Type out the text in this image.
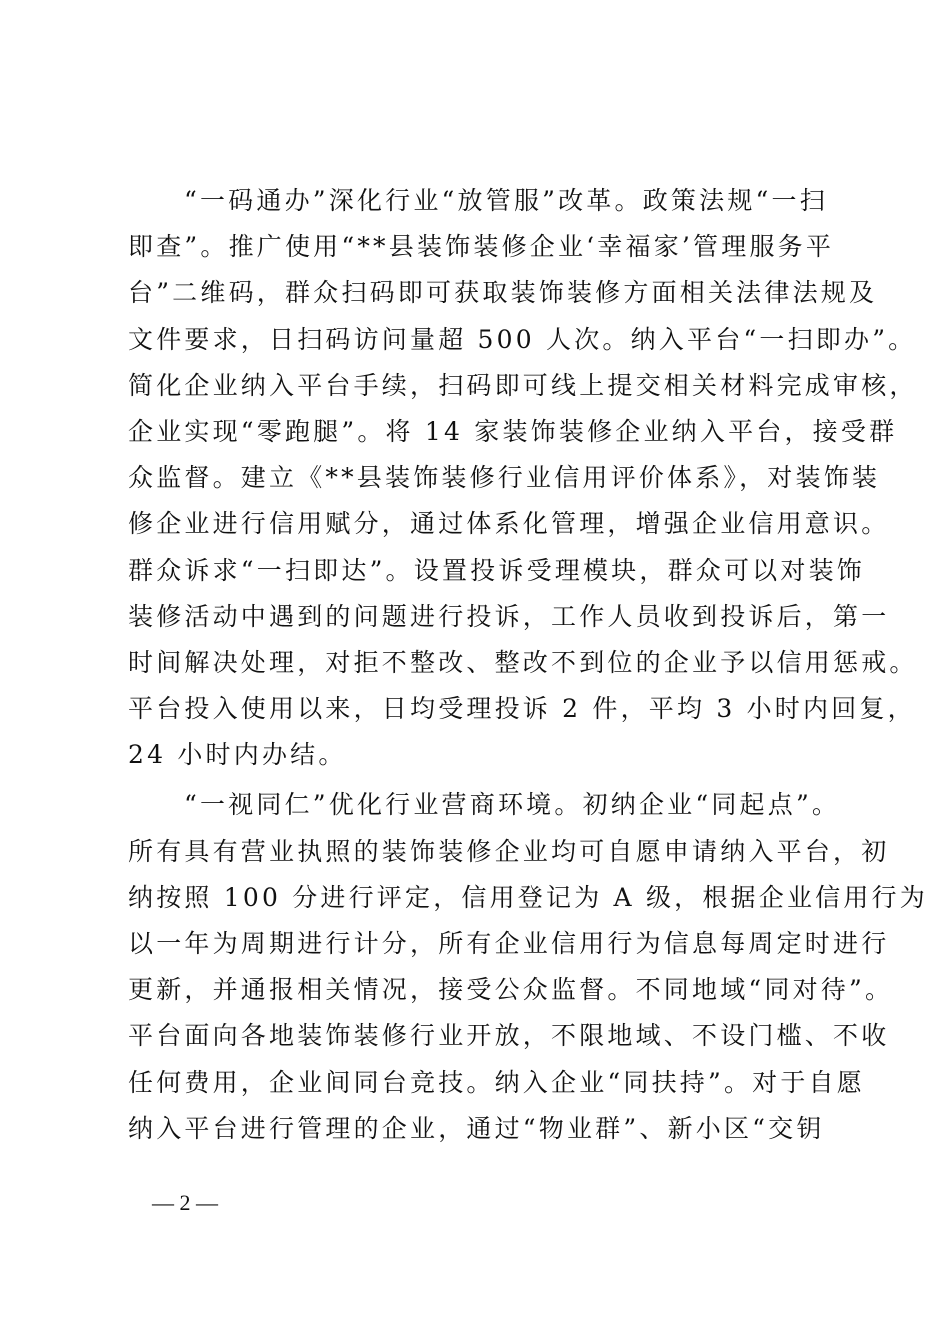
“一码通办”深化行业“放管服”改革。政策法规“一扫
即查”。推广使用“**县装饰装修企业‘幸福家’管理服务平
台”二维码，群众扫码即可获取装饰装修方面相关法律法规及
文件要求，日扫码访问量超 500 人次。纳入平台“一扫即办”。
简化企业纳入平台手续，扫码即可线上提交相关材料完成审核，
企业实现“零跑腿”。将 14 家装饰装修企业纳入平台，接受群
众监督。建立《**县装饰装修行业信用评价体系》，对装饰装
修企业进行信用赋分，通过体系化管理，增强企业信用意识。
群众诉求“一扫即达”。设置投诉受理模块，群众可以对装饰
装修活动中遇到的问题进行投诉，工作人员收到投诉后，第一
时间解决处理，对拒不整改、整改不到位的企业予以信用惩戒。
平台投入使用以来，日均受理投诉 2 件，平均 3 小时内回复，
24 小时内办结。
“一视同仁”优化行业营商环境。初纳企业“同起点”。
所有具有营业执照的装饰装修企业均可自愿申请纳入平台，初
纳按照 100 分进行评定，信用登记为 A 级，根据企业信用行为
以一年为周期进行计分，所有企业信用行为信息每周定时进行
更新，并通报相关情况，接受公众监督。不同地域“同对待”。
平台面向各地装饰装修行业开放，不限地域、不设门槛、不收
任何费用，企业间同台竞技。纳入企业“同扶持”。对于自愿
纳入平台进行管理的企业，通过“物业群”、新小区“交钥
— 2 —
